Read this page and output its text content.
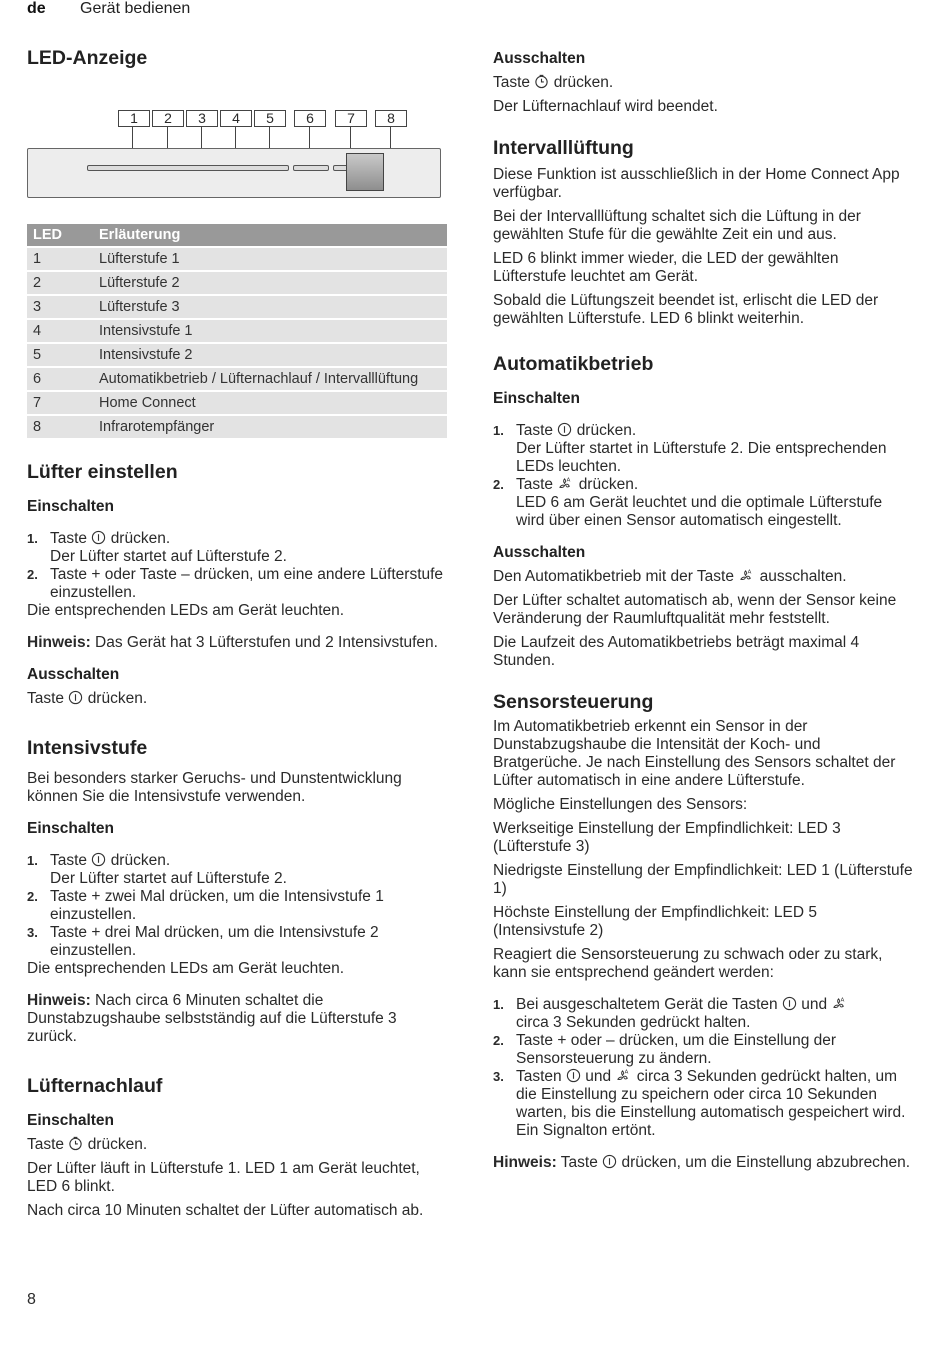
de Gerät bedienen
LED-Anzeige
1	2	3	4	5	6	7	8
LED	Erläuterung
1	Lüfterstufe 1
2	Lüfterstufe 2
3	Lüfterstufe 3
4	Intensivstufe 1
5	Intensivstufe 2
6	Automatikbetrieb / Lüfternachlauf / Intervalllüftung
7	Home Connect
8	Infrarotempfänger
Lüfter einstellen
Einschalten
1. Taste drücken.
Der Lüfter startet auf Lüfterstufe 2.
2. Taste + oder Taste – drücken, um eine andere Lüfterstufe einzustellen.

Die entsprechenden LEDs am Gerät leuchten.

Hinweis: Das Gerät hat 3 Lüfterstufen und 2 Intensivstufen.

Ausschalten

Taste drücken.

Intensivstufe

Bei besonders starker Geruchs- und Dunstentwicklung können Sie die Intensivstufe verwenden.

Einschalten
1. Taste drücken.
Der Lüfter startet auf Lüfterstufe 2.
2. Taste + zwei Mal drücken, um die Intensivstufe 1 einzustellen.
3. Taste + drei Mal drücken, um die Intensivstufe 2 einzustellen.

Die entsprechenden LEDs am Gerät leuchten.

Hinweis: Nach circa 6 Minuten schaltet die Dunstabzugshaube selbstständig auf die Lüfterstufe 3 zurück.

Lüfternachlauf
Einschalten

Taste drücken.

Der Lüfter läuft in Lüfterstufe 1. LED 1 am Gerät leuchtet, LED 6 blinkt.

Nach circa 10 Minuten schaltet der Lüfter automatisch ab.

Ausschalten

Taste drücken.

Der Lüfternachlauf wird beendet.

Intervalllüftung

Diese Funktion ist ausschließlich in der Home Connect App verfügbar.

Bei der Intervalllüftung schaltet sich die Lüftung in der gewählten Stufe für die gewählte Zeit ein und aus.

LED 6 blinkt immer wieder, die LED der gewählten Lüfterstufe leuchtet am Gerät.

Sobald die Lüftungszeit beendet ist, erlischt die LED der gewählten Lüfterstufe. LED 6 blinkt weiterhin.

Automatikbetrieb
Einschalten
1. Taste drücken.
Der Lüfter startet in Lüfterstufe 2. Die entsprechenden LEDs leuchten.
2. Taste A drücken.
LED 6 am Gerät leuchtet und die optimale Lüfterstufe wird über einen Sensor automatisch eingestellt.
Ausschalten

Den Automatikbetrieb mit der Taste A ausschalten.

Der Lüfter schaltet automatisch ab, wenn der Sensor keine Veränderung der Raumluftqualität mehr feststellt.

Die Laufzeit des Automatikbetriebs beträgt maximal 4 Stunden.

Sensorsteuerung

Im Automatikbetrieb erkennt ein Sensor in der Dunstabzugshaube die Intensität der Koch- und Bratgerüche. Je nach Einstellung des Sensors schaltet der Lüfter automatisch in eine andere Lüfterstufe.

Mögliche Einstellungen des Sensors:

Werkseitige Einstellung der Empfindlichkeit: LED 3 (Lüfterstufe 3)

Niedrigste Einstellung der Empfindlichkeit: LED 1 (Lüfterstufe 1)

Höchste Einstellung der Empfindlichkeit: LED 5 (Intensivstufe 2)

Reagiert die Sensorsteuerung zu schwach oder zu stark, kann sie entsprechend geändert werden:

1. Bei ausgeschaltetem Gerät die Tasten und A

circa 3 Sekunden gedrückt halten.
2. Taste + oder – drücken, um die Einstellung der Sensorsteuerung zu ändern.
3. Tasten und A circa 3 Sekunden gedrückt halten, um die Einstellung zu speichern oder circa 10 Sekunden warten, bis die Einstellung automatisch gespeichert wird.
Ein Signalton ertönt.

Hinweis: Taste drücken, um die Einstellung abzubrechen.

8
